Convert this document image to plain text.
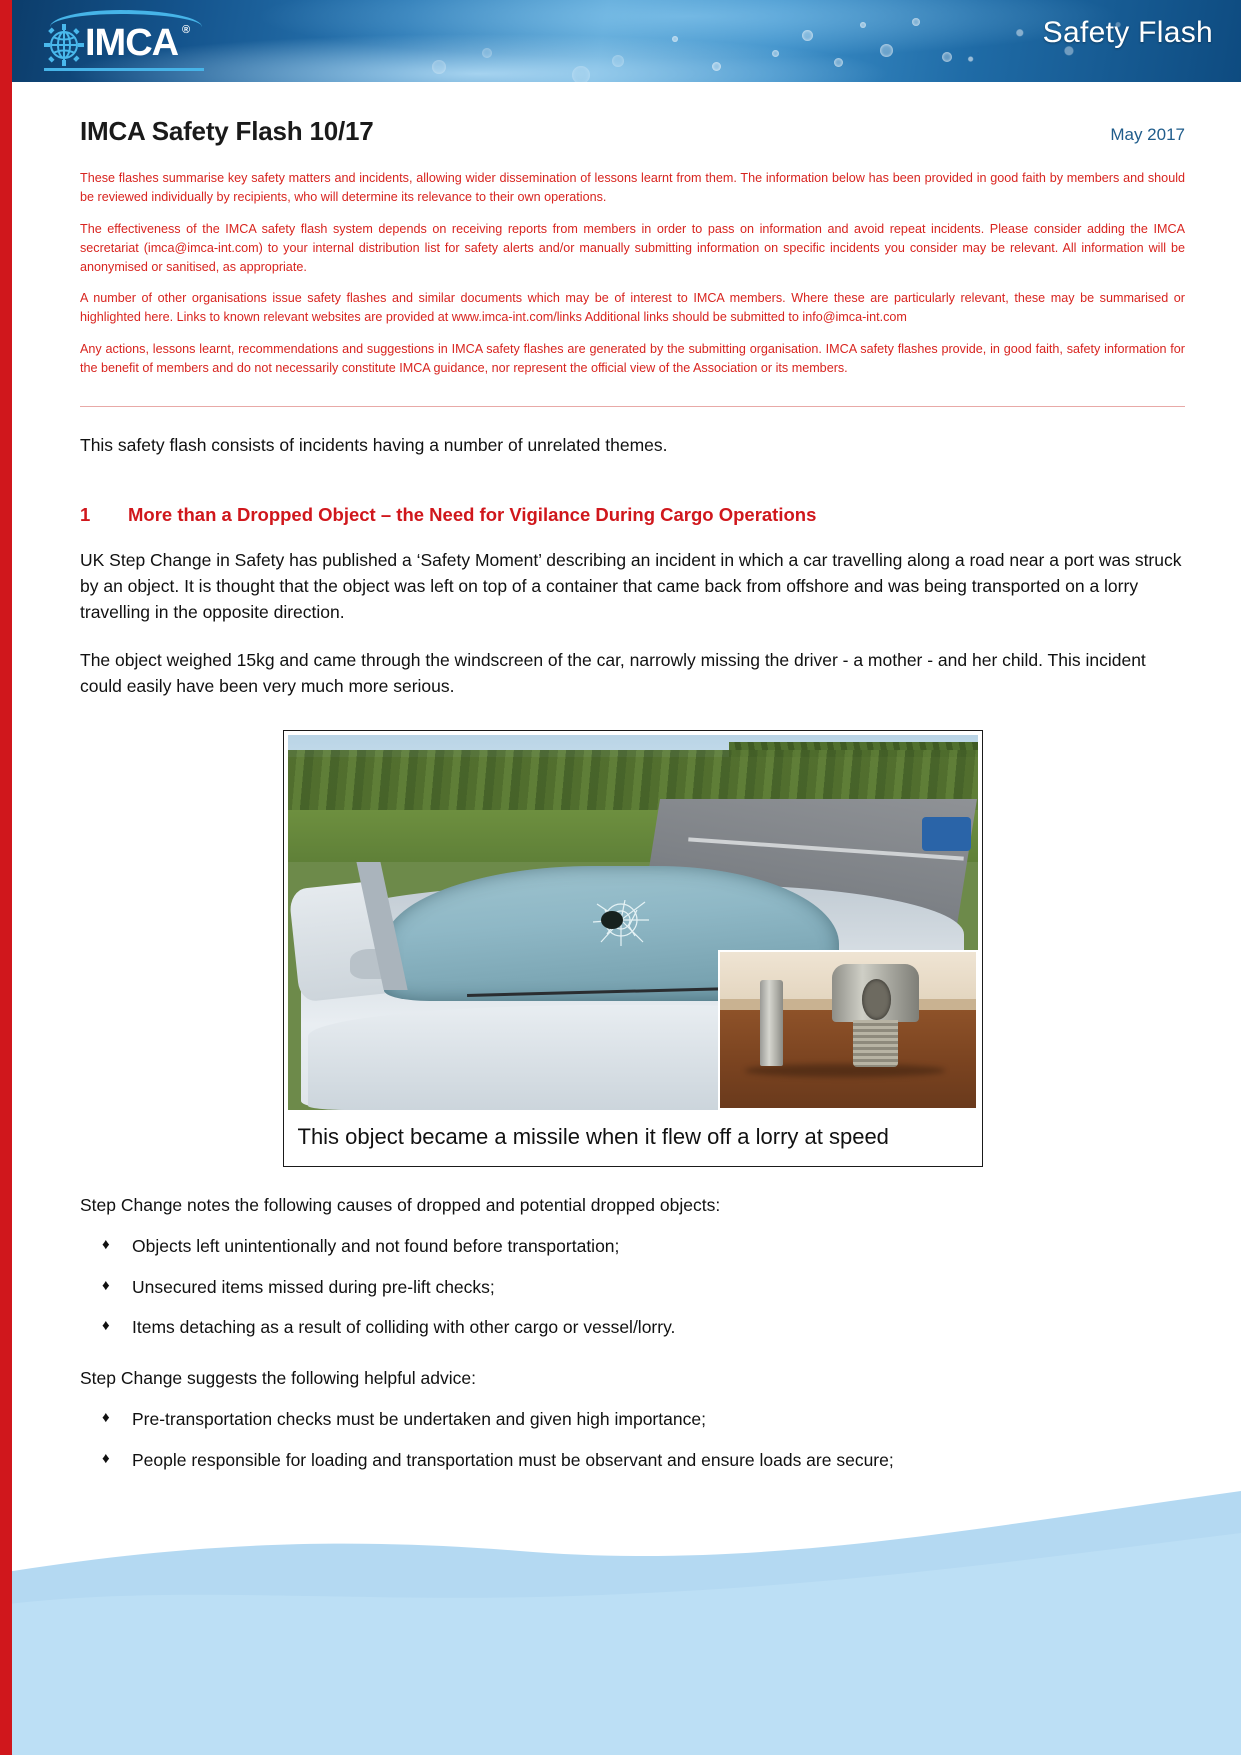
IMCA ®	Safety Flash
IMCA Safety Flash 10/17	May 2017

These flashes summarise key safety matters and incidents, allowing wider dissemination of lessons learnt from them. The information below has been provided in good faith by members and should be reviewed individually by recipients, who will determine its relevance to their own operations.

The effectiveness of the IMCA safety flash system depends on receiving reports from members in order to pass on information and avoid repeat incidents. Please consider adding the IMCA secretariat (imca@imca-int.com) to your internal distribution list for safety alerts and/or manually submitting information on specific incidents you consider may be relevant. All information will be anonymised or sanitised, as appropriate.

A number of other organisations issue safety flashes and similar documents which may be of interest to IMCA members. Where these are particularly relevant, these may be summarised or highlighted here. Links to known relevant websites are provided at www.imca-int.com/links Additional links should be submitted to info@imca-int.com

Any actions, lessons learnt, recommendations and suggestions in IMCA safety flashes are generated by the submitting organisation. IMCA safety flashes provide, in good faith, safety information for the benefit of members and do not necessarily constitute IMCA guidance, nor represent the official view of the Association or its members.

This safety flash consists of incidents having a number of unrelated themes.
1	More than a Dropped Object – the Need for Vigilance During Cargo Operations
UK Step Change in Safety has published a ‘Safety Moment’ describing an incident in which a car travelling along a road near a port was struck by an object. It is thought that the object was left on top of a container that came back from offshore and was being transported on a lorry travelling in the opposite direction.
The object weighed 15kg and came through the windscreen of the car, narrowly missing the driver - a mother - and her child. This incident could easily have been very much more serious.
This object became a missile when it flew off a lorry at speed
Step Change notes the following causes of dropped and potential dropped objects:
♦ Objects left unintentionally and not found before transportation;
♦ Unsecured items missed during pre-lift checks;
♦ Items detaching as a result of colliding with other cargo or vessel/lorry.
Step Change suggests the following helpful advice:
♦ Pre-transportation checks must be undertaken and given high importance;
♦ People responsible for loading and transportation must be observant and ensure loads are secure;
